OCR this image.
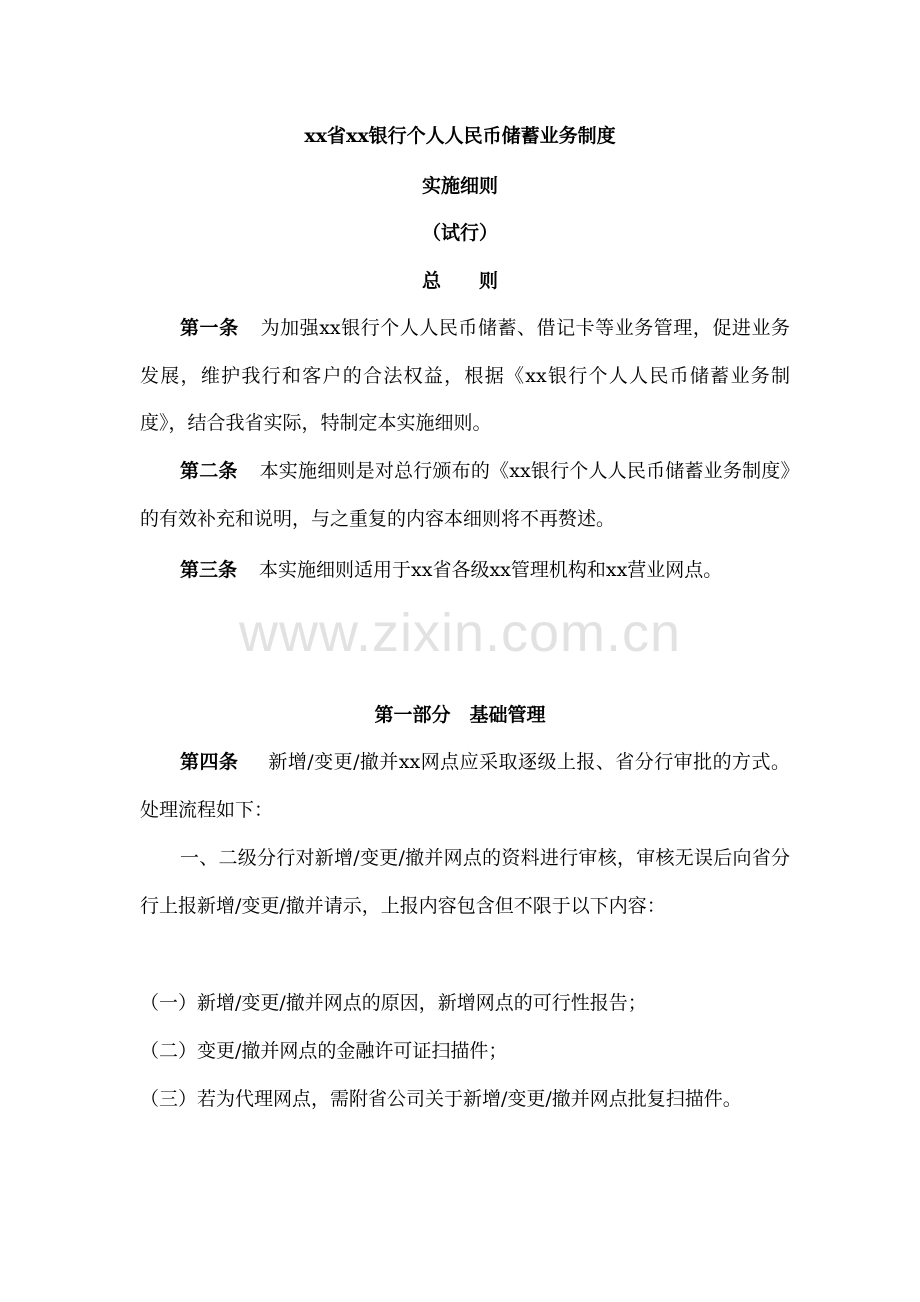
xx省xx银行个人人民币储蓄业务制度
实施细则
（试行）
总　　则
第一条 为加强xx银行个人人民币储蓄、借记卡等业务管理，促进业务发展，维护我行和客户的合法权益，根据《xx银行个人人民币储蓄业务制度》，结合我省实际，特制定本实施细则。
第二条 本实施细则是对总行颁布的《xx银行个人人民币储蓄业务制度》的有效补充和说明，与之重复的内容本细则将不再赘述。
第三条 本实施细则适用于xx省各级xx管理机构和xx营业网点。
www.zixin.com.cn
第一部分　基础管理
第四条 新增/变更/撤并xx网点应采取逐级上报、省分行审批的方式。处理流程如下：
一、二级分行对新增/变更/撤并网点的资料进行审核，审核无误后向省分行上报新增/变更/撤并请示，上报内容包含但不限于以下内容：
（一）新增/变更/撤并网点的原因，新增网点的可行性报告；
（二）变更/撤并网点的金融许可证扫描件；
（三）若为代理网点，需附省公司关于新增/变更/撤并网点批复扫描件。
